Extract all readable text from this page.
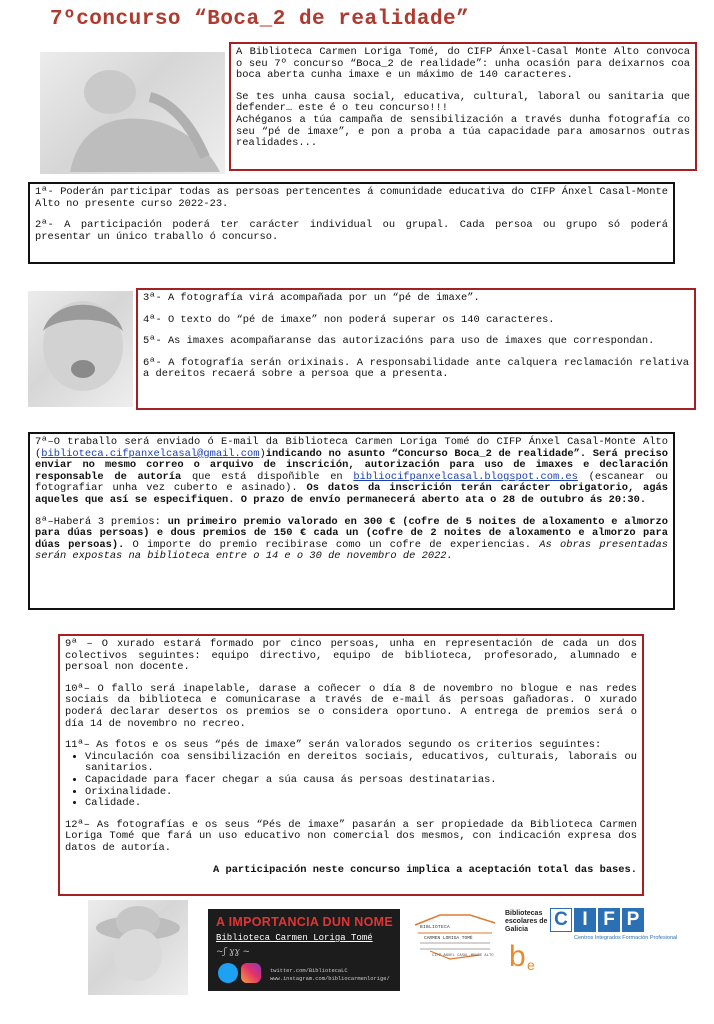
7ºconcurso “Boca_2 de realidade”

A Biblioteca Carmen Loriga Tomé, do CIFP Ánxel-Casal Monte Alto convoca o seu 7º concurso “Boca_2 de realidade”: unha ocasión para deixarnos coa boca aberta cunha imaxe e un máximo de 140 caracteres.

Se tes unha causa social, educativa, cultural, laboral ou sanitaria que defender… este é o teu concurso!!!

Achéganos a túa campaña de sensibilización a través dunha fotografía co seu “pé de imaxe”, e pon a proba a túa capacidade para amosarnos outras realidades...

1ª- Poderán participar todas as persoas pertencentes á comunidade educativa do CIFP Ánxel Casal-Monte Alto no presente curso 2022-23.

2ª- A participación poderá ter carácter individual ou grupal. Cada persoa ou grupo só poderá presentar un único traballo ó concurso.

3ª- A fotografía virá acompañada por un “pé de imaxe”.

4ª- O texto do “pé de imaxe” non poderá superar os 140 caracteres.

5ª- As imaxes acompañaranse das autorizacións para uso de imaxes que correspondan.

6ª- A fotografía serán orixinais. A responsabilidade ante calquera reclamación relativa a dereitos recaerá sobre a persoa que a presenta.

7ª–O traballo será enviado ó E-mail da Biblioteca Carmen Loriga Tomé do CIFP Ánxel Casal-Monte Alto (biblioteca.cifpanxelcasal@gmail.com)indicando no asunto “Concurso Boca_2 de realidade”. Será preciso enviar no mesmo correo o arquivo de inscrición, autorización para uso de imaxes e declaración responsable de autoría que está dispoñible en bibliocifpanxelcasal.blogspot.com.es (escanear ou fotografiar unha vez cuberto e asinado). Os datos da inscrición terán carácter obrigatorio, agás aqueles que así se especifiquen. O prazo de envío permanecerá aberto ata o 28 de outubro ás 20:30.

8ª–Haberá 3 premios: un primeiro premio valorado en 300 € (cofre de 5 noites de aloxamento e almorzo para dúas persoas) e dous premios de 150 € cada un (cofre de 2 noites de aloxamento e almorzo para dúas persoas). O importe do premio recibirase como un cofre de experiencias. As obras presentadas serán expostas na biblioteca entre o 14 e o 30 de novembro de 2022.

9ª – O xurado estará formado por cinco persoas, unha en representación de cada un dos colectivos seguintes: equipo directivo, equipo de biblioteca, profesorado, alumnado e persoal non docente.

10ª– O fallo será inapelable, darase a coñecer o día 8 de novembro no blogue e nas redes sociais da biblioteca e comunicarase a través de e-mail ás persoas gañadoras. O xurado poderá declarar desertos os premios se o considera oportuno. A entrega de premios será o día 14 de novembro no recreo.

11ª– As fotos e os seus “pés de imaxe” serán valorados segundo os criterios seguintes:

• Vinculación coa sensibilización en dereitos sociais, educativos, culturais, laborais ou sanitarios.
• Capacidade para facer chegar a súa causa ás persoas destinatarias.
• Orixinalidade.
• Calidade.

12ª– As fotografías e os seus “Pés de imaxe” pasarán a ser propiedade da Biblioteca Carmen Loriga Tomé que fará un uso educativo non comercial dos mesmos, con indicación expresa dos datos de autoría.

A participación neste concurso implica a aceptación total das bases.

A IMPORTANCIA DUN NOME
Biblioteca Carmen Loriga Tomé
~ʃ ɣɣ ~
twitter.com/BibliotecaLC
www.instagram.com/bibliocarmenlorige/
BIBLIOTECA
CARMEN LORIGA TOMÉ
CIFP ÁNXEL CASAL-MONTE ALTO
Bibliotecas escolares de Galicia
b e
C I F P
Centros Integrados Formación Profesional
